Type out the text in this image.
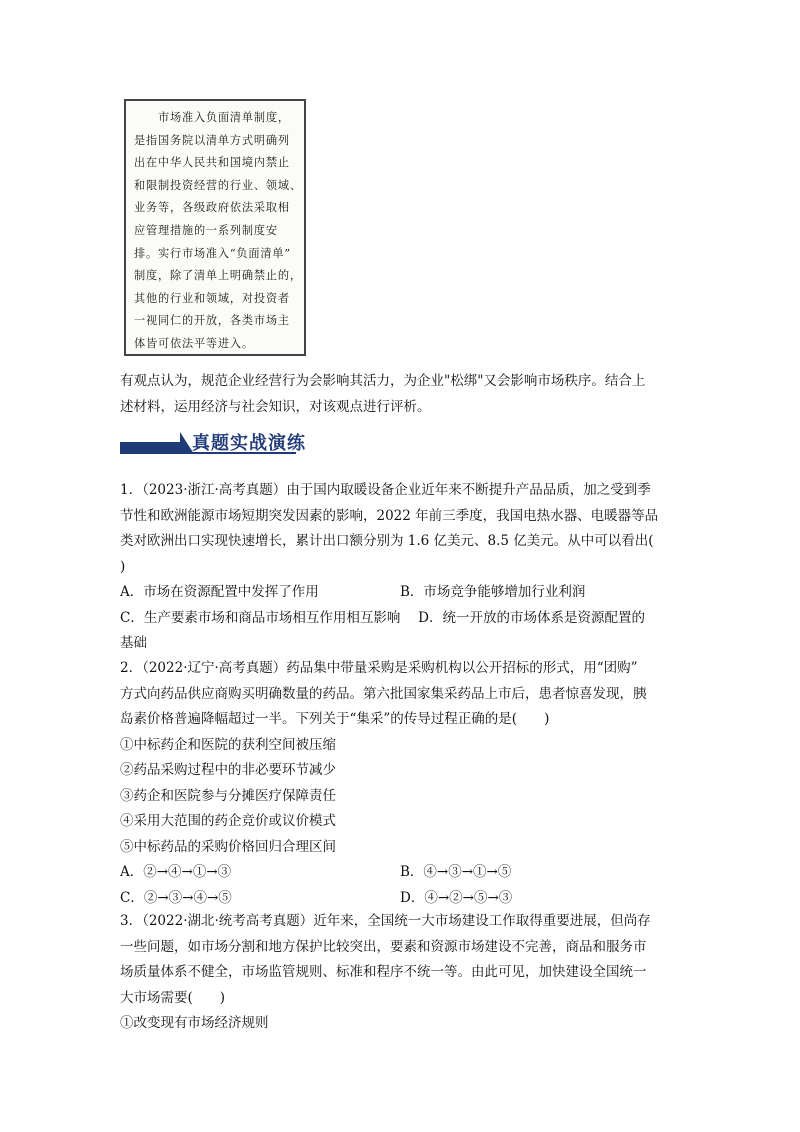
市场准入负面清单制度，
是指国务院以清单方式明确列
出在中华人民共和国境内禁止
和限制投资经营的行业、领域、
业务等，各级政府依法采取相
应管理措施的一系列制度安
排。实行市场准入“负面清单”
制度，除了清单上明确禁止的，
其他的行业和领域，对投资者
一视同仁的开放，各类市场主
体皆可依法平等进入。

有观点认为，规范企业经营行为会影响其活力，为企业"松绑"又会影响市场秩序。结合上

述材料，运用经济与社会知识，对该观点进行评析。

真题实战演练

1．（2023·浙江·高考真题）由于国内取暖设备企业近年来不断提升产品品质，加之受到季

节性和欧洲能源市场短期突发因素的影响，2022 年前三季度，我国电热水器、电暖器等品

类对欧洲出口实现快速增长，累计出口额分别为 1.6 亿美元、8.5 亿美元。从中可以看出(

)

A．市场在资源配置中发挥了作用	B．市场竞争能够增加行业利润

C．生产要素市场和商品市场相互作用相互影响　 D．统一开放的市场体系是资源配置的

基础

2．（2022·辽宁·高考真题）药品集中带量采购是采购机构以公开招标的形式，用“团购”

方式向药品供应商购买明确数量的药品。第六批国家集采药品上市后，患者惊喜发现，胰

岛素价格普遍降幅超过一半。下列关于“集采”的传导过程正确的是(　　)

①中标药企和医院的获利空间被压缩

②药品采购过程中的非必要环节减少

③药企和医院参与分摊医疗保障责任

④采用大范围的药企竞价或议价模式

⑤中标药品的采购价格回归合理区间

A．②→④→①→③	B．④→③→①→⑤
C．②→③→④→⑤	D．④→②→⑤→③

3．（2022·湖北·统考高考真题）近年来，全国统一大市场建设工作取得重要进展，但尚存

一些问题，如市场分割和地方保护比较突出，要素和资源市场建设不完善，商品和服务市

场质量体系不健全，市场监管规则、标准和程序不统一等。由此可见，加快建设全国统一

大市场需要(　　)

①改变现有市场经济规则
